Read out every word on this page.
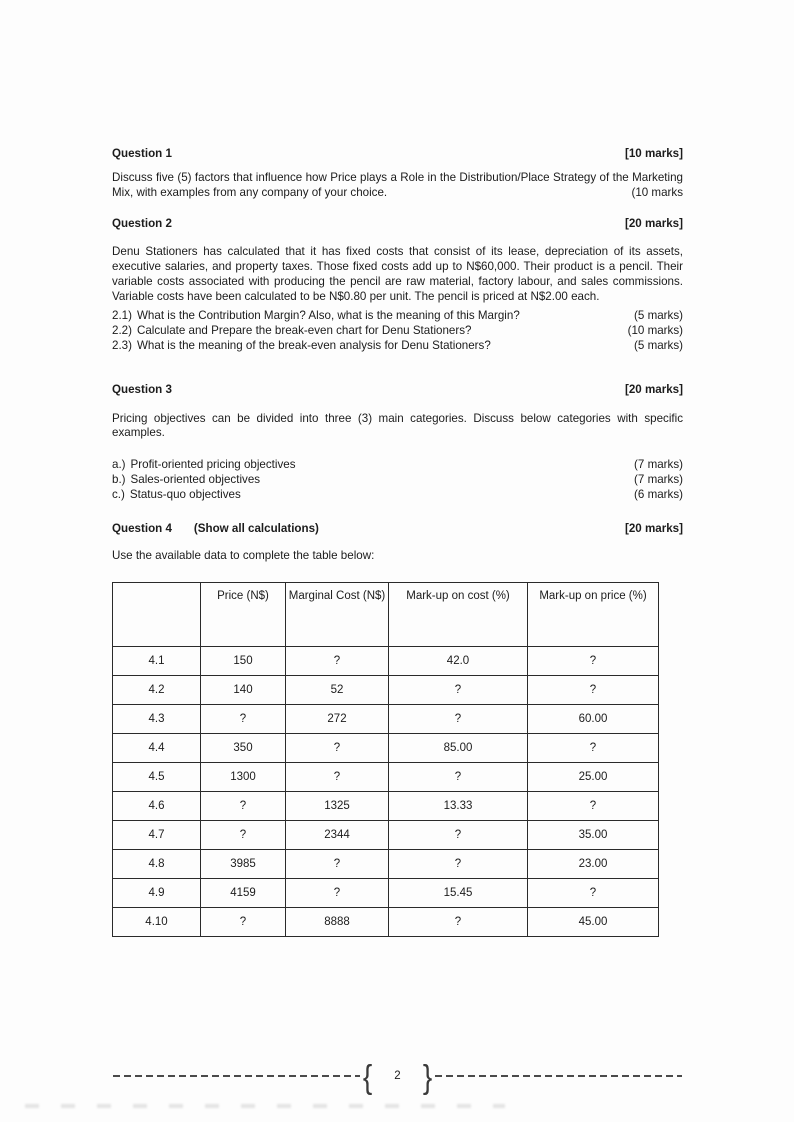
Question 1	[10 marks]

Discuss five (5) factors that influence how Price plays a Role in the Distribution/Place Strategy of the Marketing Mix, with examples from any company of your choice.	(10 marks

Question 2	[20 marks]

Denu Stationers has calculated that it has fixed costs that consist of its lease, depreciation of its assets, executive salaries, and property taxes. Those fixed costs add up to N$60,000. Their product is a pencil. Their variable costs associated with producing the pencil are raw material, factory labour, and sales commissions. Variable costs have been calculated to be N$0.80 per unit. The pencil is priced at N$2.00 each.

2.1) What is the Contribution Margin? Also, what is the meaning of this Margin?	(5 marks)
2.2) Calculate and Prepare the break-even chart for Denu Stationers?	(10 marks)
2.3) What is the meaning of the break-even analysis for Denu Stationers?	(5 marks)
Question 3	[20 marks]

Pricing objectives can be divided into three (3) main categories. Discuss below categories with specific examples.

a.) Profit-oriented pricing objectives	(7 marks)
b.) Sales-oriented objectives	(7 marks)
c.) Status-quo objectives	(6 marks)
Question 4 (Show all calculations)	[20 marks]

Use the available data to complete the table below:

	Price (N$)	Marginal Cost (N$)	Mark-up on cost (%)	Mark-up on price (%)
4.1	150	?	42.0	?
4.2	140	52	?	?
4.3	?	272	?	60.00
4.4	350	?	85.00	?
4.5	1300	?	?	25.00
4.6	?	1325	13.33	?
4.7	?	2344	?	35.00
4.8	3985	?	?	23.00
4.9	4159	?	15.45	?
4.10	?	8888	?	45.00
{	2 }
